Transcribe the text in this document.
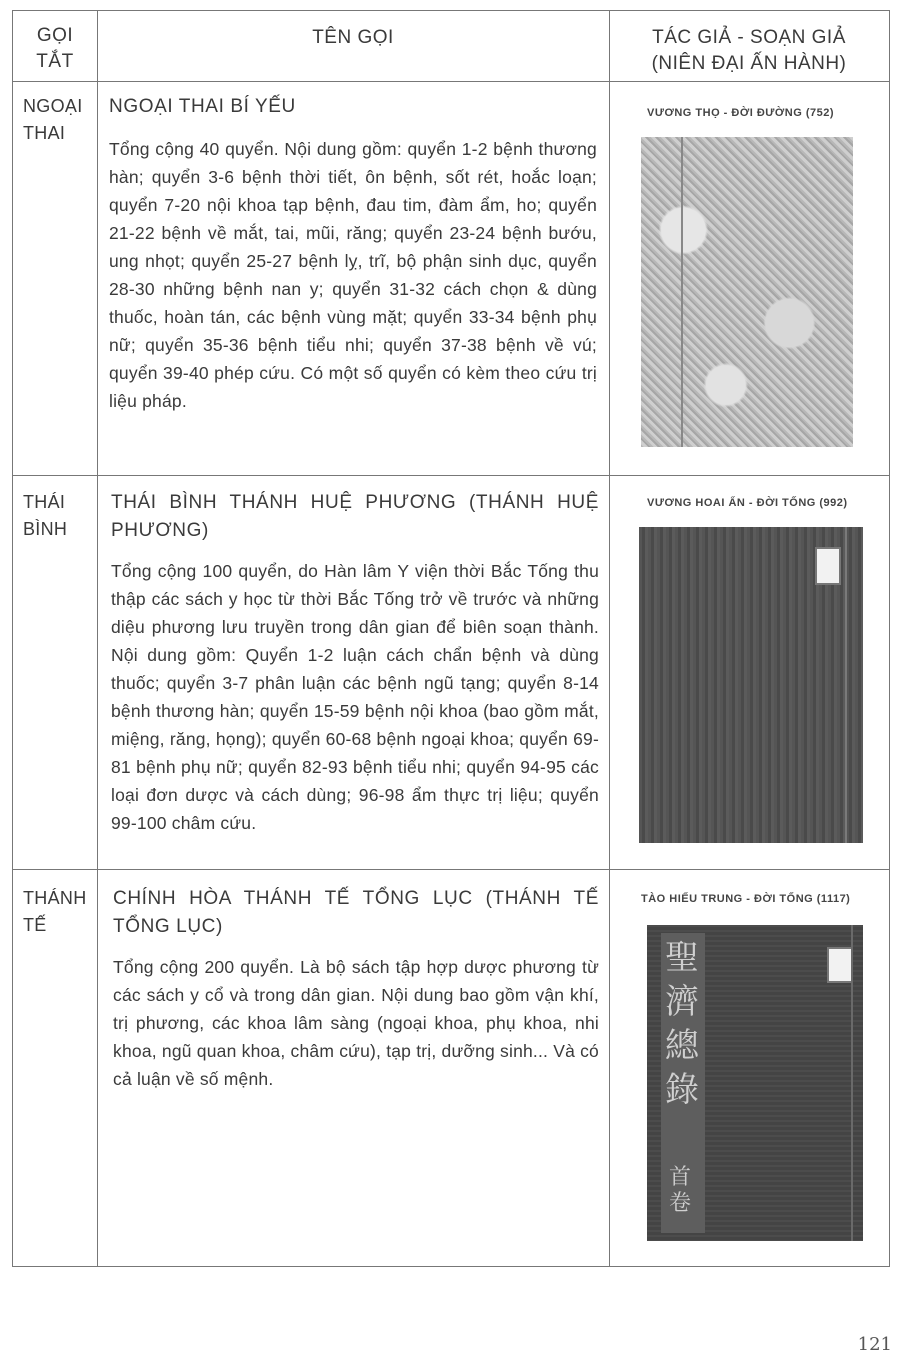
GỌI
TẮT
TÊN GỌI	TÁC GIẢ - SOẠN GIẢ
(NIÊN ĐẠI ẤN HÀNH)
NGOẠI
THAI
NGOẠI THAI BÍ YẾU
Tổng cộng 40 quyển. Nội dung gồm: quyển 1-2 bệnh thương hàn; quyển 3-6 bệnh thời tiết, ôn bệnh, sốt rét, hoắc loạn; quyển 7-20 nội khoa tạp bệnh, đau tim, đàm ẩm, ho; quyển 21-22 bệnh về mắt, tai, mũi, răng; quyển 23-24 bệnh bướu, ung nhọt; quyển 25-27 bệnh lỵ, trĩ, bộ phận sinh dục, quyển 28-30 những bệnh nan y; quyển 31-32 cách chọn & dùng thuốc, hoàn tán, các bệnh vùng mặt; quyển 33-34 bệnh phụ nữ; quyển 35-36 bệnh tiểu nhi; quyển 37-38 bệnh về vú; quyển 39-40 phép cứu. Có một số quyển có kèm theo cứu trị liệu pháp.
VƯƠNG THỌ - ĐỜI ĐƯỜNG (752)
THÁI
BÌNH
THÁI BÌNH THÁNH HUỆ PHƯƠNG (THÁNH HUỆ PHƯƠNG)
Tổng cộng 100 quyển, do Hàn lâm Y viện thời Bắc Tống thu thập các sách y học từ thời Bắc Tống trở về trước và những diệu phương lưu truyền trong dân gian để biên soạn thành. Nội dung gồm: Quyển 1-2 luận cách chẩn bệnh và dùng thuốc; quyển 3-7 phân luận các bệnh ngũ tạng; quyển 8-14 bệnh thương hàn; quyển 15-59 bệnh nội khoa (bao gồm mắt, miệng, răng, họng); quyển 60-68 bệnh ngoại khoa; quyển 69-81 bệnh phụ nữ; quyển 82-93 bệnh tiểu nhi; quyển 94-95 các loại đơn dược và cách dùng; 96-98 ẩm thực trị liệu; quyển 99-100 châm cứu.
VƯƠNG HOAI ẨN - ĐỜI TỐNG (992)
THÁNH
TẾ
CHÍNH HÒA THÁNH TẾ TỔNG LỤC (THÁNH TẾ TỔNG LỤC)
Tổng cộng 200 quyển. Là bộ sách tập hợp dược phương từ các sách y cổ và trong dân gian. Nội dung bao gồm vận khí, trị phương, các khoa lâm sàng (ngoại khoa, phụ khoa, nhi khoa, ngũ quan khoa, châm cứu), tạp trị, dưỡng sinh... Và có cả luận về số mệnh.
TÀO HIẾU TRUNG - ĐỜI TỐNG (1117)
聖
濟
總
錄
首
卷
121
